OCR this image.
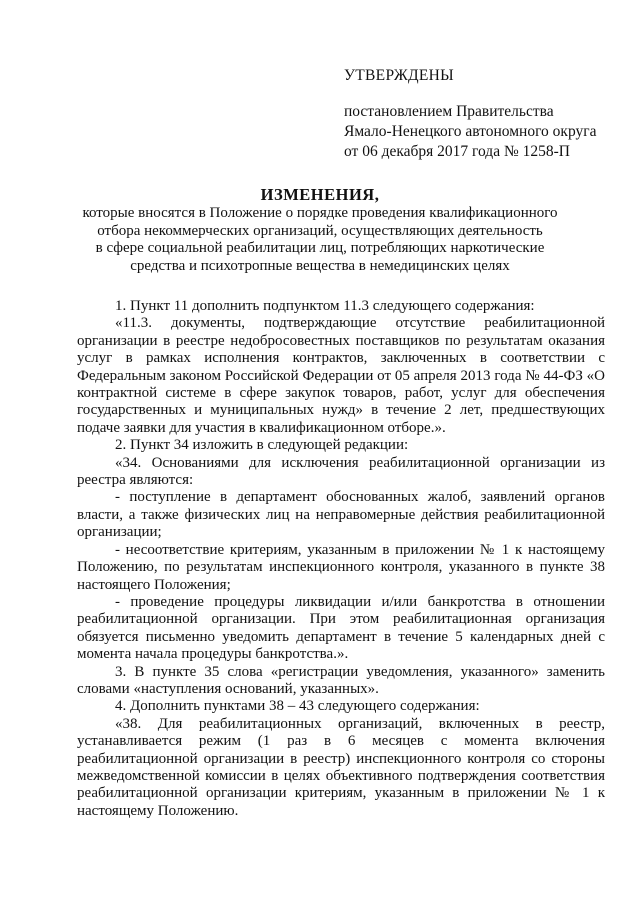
УТВЕРЖДЕНЫ
постановлением Правительства
Ямало-Ненецкого автономного округа
от 06 декабря 2017 года № 1258-П
ИЗМЕНЕНИЯ,
которые вносятся в Положение о порядке проведения квалификационного
отбора некоммерческих организаций, осуществляющих деятельность
в сфере социальной реабилитации лиц, потребляющих наркотические
средства и психотропные вещества в немедицинских целях

1. Пункт 11 дополнить подпунктом 11.3 следующего содержания:

«11.3. документы, подтверждающие отсутствие реабилитационной организации в реестре недобросовестных поставщиков по результатам оказания услуг в рамках исполнения контрактов, заключенных в соответствии с Федеральным законом Российской Федерации от 05 апреля 2013 года № 44-ФЗ «О контрактной системе в сфере закупок товаров, работ, услуг для обеспечения государственных и муниципальных нужд» в течение 2 лет, предшествующих подаче заявки для участия в квалификационном отборе.».

2. Пункт 34 изложить в следующей редакции:

«34. Основаниями для исключения реабилитационной организации из реестра являются:

- поступление в департамент обоснованных жалоб, заявлений органов власти, а также физических лиц на неправомерные действия реабилитационной организации;

- несоответствие критериям, указанным в приложении № 1 к настоящему Положению, по результатам инспекционного контроля, указанного в пункте 38 настоящего Положения;

- проведение процедуры ликвидации и/или банкротства в отношении реабилитационной организации. При этом реабилитационная организация обязуется письменно уведомить департамент в течение 5 календарных дней с момента начала процедуры банкротства.».

3. В пункте 35 слова «регистрации уведомления, указанного» заменить словами «наступления оснований, указанных».

4. Дополнить пунктами 38 – 43 следующего содержания:

«38. Для реабилитационных организаций, включенных в реестр, устанавливается режим (1 раз в 6 месяцев с момента включения реабилитационной организации в реестр) инспекционного контроля со стороны межведомственной комиссии в целях объективного подтверждения соответствия реабилитационной организации критериям, указанным в приложении № 1 к настоящему Положению.
